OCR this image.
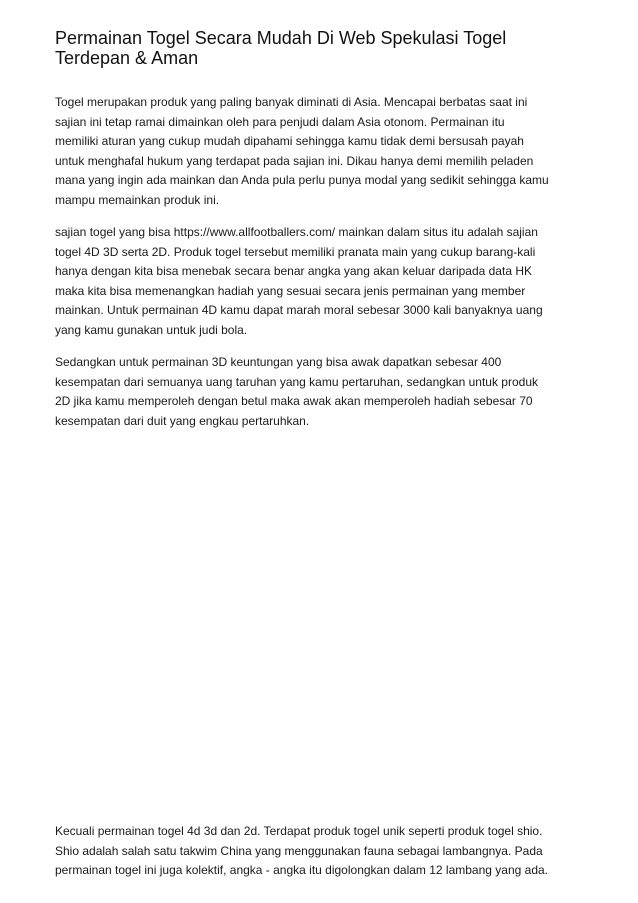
Permainan Togel Secara Mudah Di Web Spekulasi Togel
Terdepan & Aman

Togel merupakan produk yang paling banyak diminati di Asia. Mencapai berbatas saat ini
sajian ini tetap ramai dimainkan oleh para penjudi dalam Asia otonom. Permainan itu
memiliki aturan yang cukup mudah dipahami sehingga kamu tidak demi bersusah payah
untuk menghafal hukum yang terdapat pada sajian ini. Dikau hanya demi memilih peladen
mana yang ingin ada mainkan dan Anda pula perlu punya modal yang sedikit sehingga kamu
mampu memainkan produk ini.

sajian togel yang bisa https://www.allfootballers.com/ mainkan dalam situs itu adalah sajian
togel 4D 3D serta 2D. Produk togel tersebut memiliki pranata main yang cukup barang-kali
hanya dengan kita bisa menebak secara benar angka yang akan keluar daripada data HK
maka kita bisa memenangkan hadiah yang sesuai secara jenis permainan yang member
mainkan. Untuk permainan 4D kamu dapat marah moral sebesar 3000 kali banyaknya uang
yang kamu gunakan untuk judi bola.

Sedangkan untuk permainan 3D keuntungan yang bisa awak dapatkan sebesar 400
kesempatan dari semuanya uang taruhan yang kamu pertaruhan, sedangkan untuk produk
2D jika kamu memperoleh dengan betul maka awak akan memperoleh hadiah sebesar 70
kesempatan dari duit yang engkau pertaruhkan.

Kecuali permainan togel 4d 3d dan 2d. Terdapat produk togel unik seperti produk togel shio.
Shio adalah salah satu takwim China yang menggunakan fauna sebagai lambangnya. Pada
permainan togel ini juga kolektif, angka - angka itu digolongkan dalam 12 lambang yang ada.
